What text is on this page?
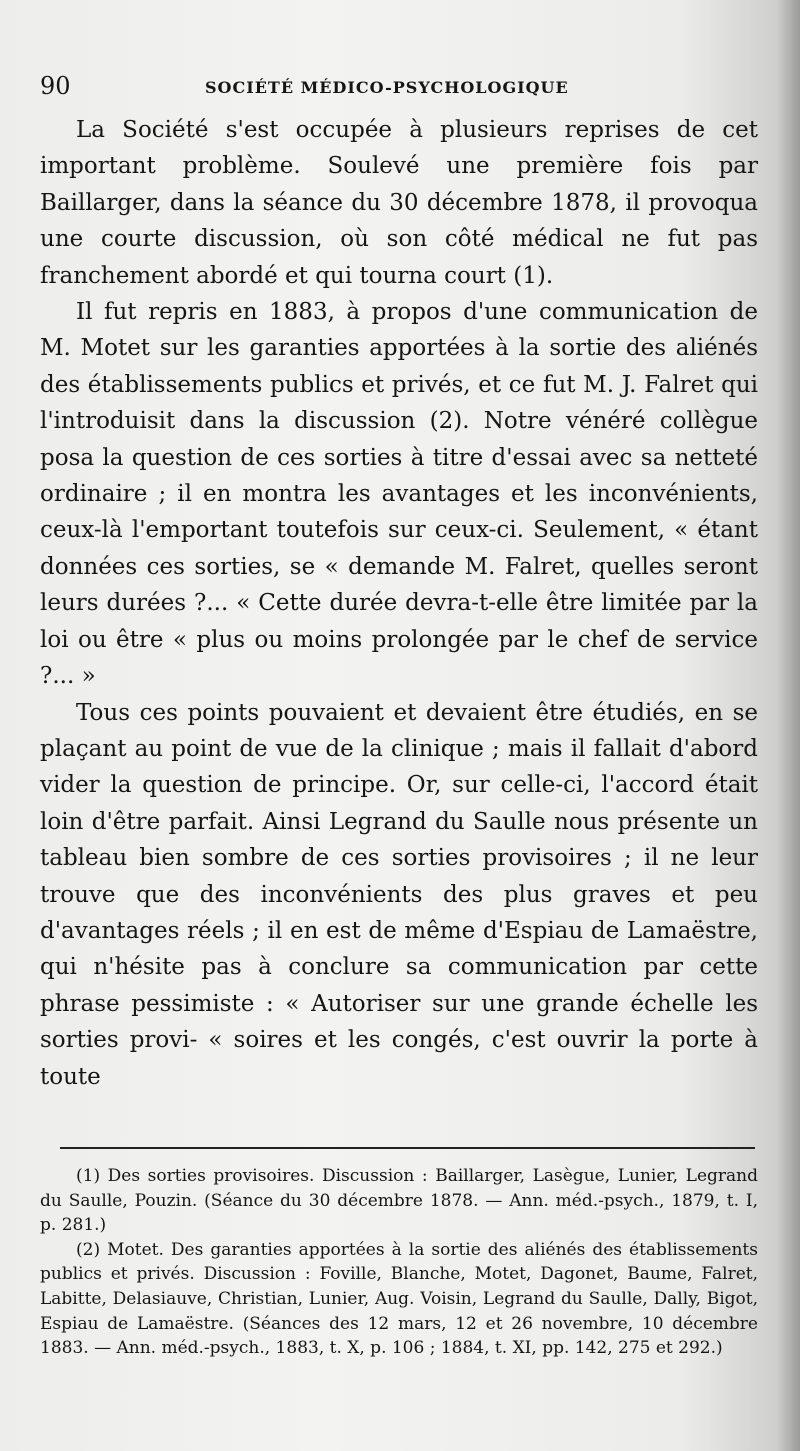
90	SOCIÉTÉ MÉDICO-PSYCHOLOGIQUE

La Société s'est occupée à plusieurs reprises de cet important problème. Soulevé une première fois par Baillarger, dans la séance du 30 décembre 1878, il provoqua une courte discussion, où son côté médical ne fut pas franchement abordé et qui tourna court (1).

Il fut repris en 1883, à propos d'une communication de M. Motet sur les garanties apportées à la sortie des aliénés des établissements publics et privés, et ce fut M. J. Falret qui l'introduisit dans la discussion (2). Notre vénéré collègue posa la question de ces sorties à titre d'essai avec sa netteté ordinaire ; il en montra les avantages et les inconvénients, ceux-là l'emportant toutefois sur ceux-ci. Seulement, « étant données ces sorties, se « demande M. Falret, quelles seront leurs durées ?... « Cette durée devra-t-elle être limitée par la loi ou être « plus ou moins prolongée par le chef de service ?... »

Tous ces points pouvaient et devaient être étudiés, en se plaçant au point de vue de la clinique ; mais il fallait d'abord vider la question de principe. Or, sur celle-ci, l'accord était loin d'être parfait. Ainsi Legrand du Saulle nous présente un tableau bien sombre de ces sorties provisoires ; il ne leur trouve que des inconvénients des plus graves et peu d'avantages réels ; il en est de même d'Espiau de Lamaëstre, qui n'hésite pas à conclure sa communication par cette phrase pessimiste : « Autoriser sur une grande échelle les sorties provi- « soires et les congés, c'est ouvrir la porte à toute

(1) Des sorties provisoires. Discussion : Baillarger, Lasègue, Lunier, Legrand du Saulle, Pouzin. (Séance du 30 décembre 1878. — Ann. méd.-psych., 1879, t. I, p. 281.)

(2) Motet. Des garanties apportées à la sortie des aliénés des établissements publics et privés. Discussion : Foville, Blanche, Motet, Dagonet, Baume, Falret, Labitte, Delasiauve, Christian, Lunier, Aug. Voisin, Legrand du Saulle, Dally, Bigot, Espiau de Lamaëstre. (Séances des 12 mars, 12 et 26 novembre, 10 décembre 1883. — Ann. méd.-psych., 1883, t. X, p. 106 ; 1884, t. XI, pp. 142, 275 et 292.)
